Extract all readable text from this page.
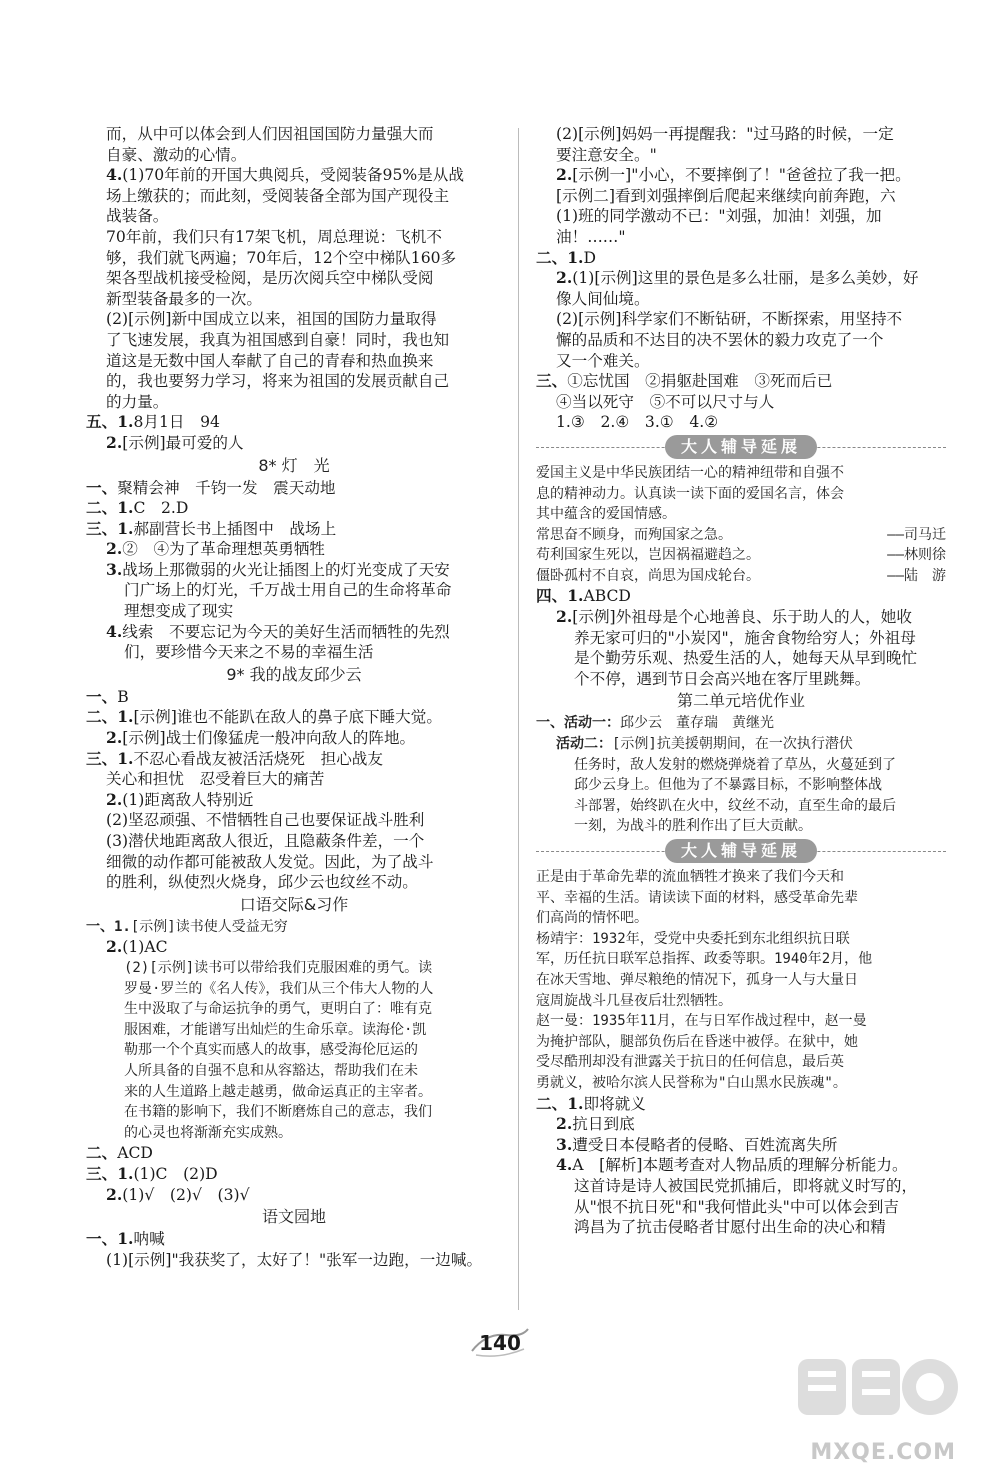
而，从中可以体会到人们因祖国国防力量强大而
自豪、激动的心情。
4.(1)70年前的开国大典阅兵，受阅装备95%是从战
场上缴获的；而此刻，受阅装备全部为国产现役主
战装备。
70年前，我们只有17架飞机，周总理说：飞机不
够，我们就飞两遍；70年后，12个空中梯队160多
架各型战机接受检阅，是历次阅兵空中梯队受阅
新型装备最多的一次。
(2)[示例]新中国成立以来，祖国的国防力量取得
了飞速发展，我真为祖国感到自豪！同时，我也知
道这是无数中国人奉献了自己的青春和热血换来
的，我也要努力学习，将来为祖国的发展贡献自己
的力量。
五、1.8月1日　94
2.[示例]最可爱的人
8* 灯　光
一、聚精会神　千钧一发　震天动地
二、1.C　2.D
三、1.郝副营长书上插图中　战场上
2.②　④为了革命理想英勇牺牲
3.战场上那微弱的火光让插图上的灯光变成了天安
门广场上的灯光，千万战士用自己的生命将革命
理想变成了现实
4.线索　不要忘记为今天的美好生活而牺牲的先烈
们，要珍惜今天来之不易的幸福生活
9* 我的战友邱少云
一、B
二、1.[示例]谁也不能趴在敌人的鼻子底下睡大觉。
2.[示例]战士们像猛虎一般冲向敌人的阵地。
三、1.不忍心看战友被活活烧死　担心战友
关心和担忧　忍受着巨大的痛苦
2.(1)距离敌人特别近
(2)坚忍顽强、不惜牺牲自己也要保证战斗胜利
(3)潜伏地距离敌人很近，且隐蔽条件差，一个
细微的动作都可能被敌人发觉。因此，为了战斗
的胜利，纵使烈火烧身，邱少云也纹丝不动。
口语交际&习作
一、1.[示例]读书使人受益无穷
2.(1)AC
(2)[示例]读书可以带给我们克服困难的勇气。读
罗曼·罗兰的《名人传》，我们从三个伟大人物的人
生中汲取了与命运抗争的勇气，更明白了：唯有克
服困难，才能谱写出灿烂的生命乐章。读海伦·凯
勒那一个个真实而感人的故事，感受海伦厄运的
人所具备的自强不息和从容豁达，帮助我们在未
来的人生道路上越走越勇，做命运真正的主宰者。
在书籍的影响下，我们不断磨炼自己的意志，我们
的心灵也将渐渐充实成熟。
二、ACD
三、1.(1)C　(2)D
2.(1)√　(2)√　(3)√
语文园地
一、1.呐喊
(1)[示例]"我获奖了，太好了！"张军一边跑，一边喊。
(2)[示例]妈妈一再提醒我："过马路的时候，一定
要注意安全。"
2.[示例一]"小心，不要摔倒了！"爸爸拉了我一把。
[示例二]看到刘强摔倒后爬起来继续向前奔跑，六
(1)班的同学激动不已："刘强，加油！刘强，加
油！……"
二、1.D
2.(1)[示例]这里的景色是多么壮丽，是多么美妙，好
像人间仙境。
(2)[示例]科学家们不断钻研，不断探索，用坚持不
懈的品质和不达目的决不罢休的毅力攻克了一个
又一个难关。
三、①忘忧国　②捐躯赴国难　③死而后已
④当以死守　⑤不可以尺寸与人
1.③　2.④　3.①　4.②
大人辅导延展
爱国主义是中华民族团结一心的精神纽带和自强不
息的精神动力。认真读一读下面的爱国名言，体会
其中蕴含的爱国情感。
常思奋不顾身，而殉国家之急。	——司马迁
苟利国家生死以，岂因祸福避趋之。	——林则徐
僵卧孤村不自哀，尚思为国戍轮台。	——陆　游
四、1.ABCD
2.[示例]外祖母是个心地善良、乐于助人的人，她收
养无家可归的"小炭冈"，施舍食物给穷人；外祖母
是个勤劳乐观、热爱生活的人，她每天从早到晚忙
个不停，遇到节日会高兴地在客厅里跳舞。
第二单元培优作业
一、活动一：邱少云　董存瑞　黄继光
活动二：[示例]抗美援朝期间，在一次执行潜伏
任务时，敌人发射的燃烧弹烧着了草丛，火蔓延到了
邱少云身上。但他为了不暴露目标，不影响整体战
斗部署，始终趴在火中，纹丝不动，直至生命的最后
一刻，为战斗的胜利作出了巨大贡献。
大人辅导延展
正是由于革命先辈的流血牺牲才换来了我们今天和
平、幸福的生活。请读读下面的材料，感受革命先辈
们高尚的情怀吧。
杨靖宇：1932年，受党中央委托到东北组织抗日联
军，历任抗日联军总指挥、政委等职。1940年2月，他
在冰天雪地、弹尽粮绝的情况下，孤身一人与大量日
寇周旋战斗几昼夜后壮烈牺牲。
赵一曼：1935年11月，在与日军作战过程中，赵一曼
为掩护部队，腿部负伤后在昏迷中被俘。在狱中，她
受尽酷刑却没有泄露关于抗日的任何信息，最后英
勇就义，被哈尔滨人民誉称为"白山黑水民族魂"。
二、1.即将就义
2.抗日到底
3.遭受日本侵略者的侵略、百姓流离失所
4.A　[解析]本题考查对人物品质的理解分析能力。
这首诗是诗人被国民党抓捕后，即将就义时写的，
从"恨不抗日死"和"我何惜此头"中可以体会到吉
鸿昌为了抗击侵略者甘愿付出生命的决心和精
140
MXQE.COM
